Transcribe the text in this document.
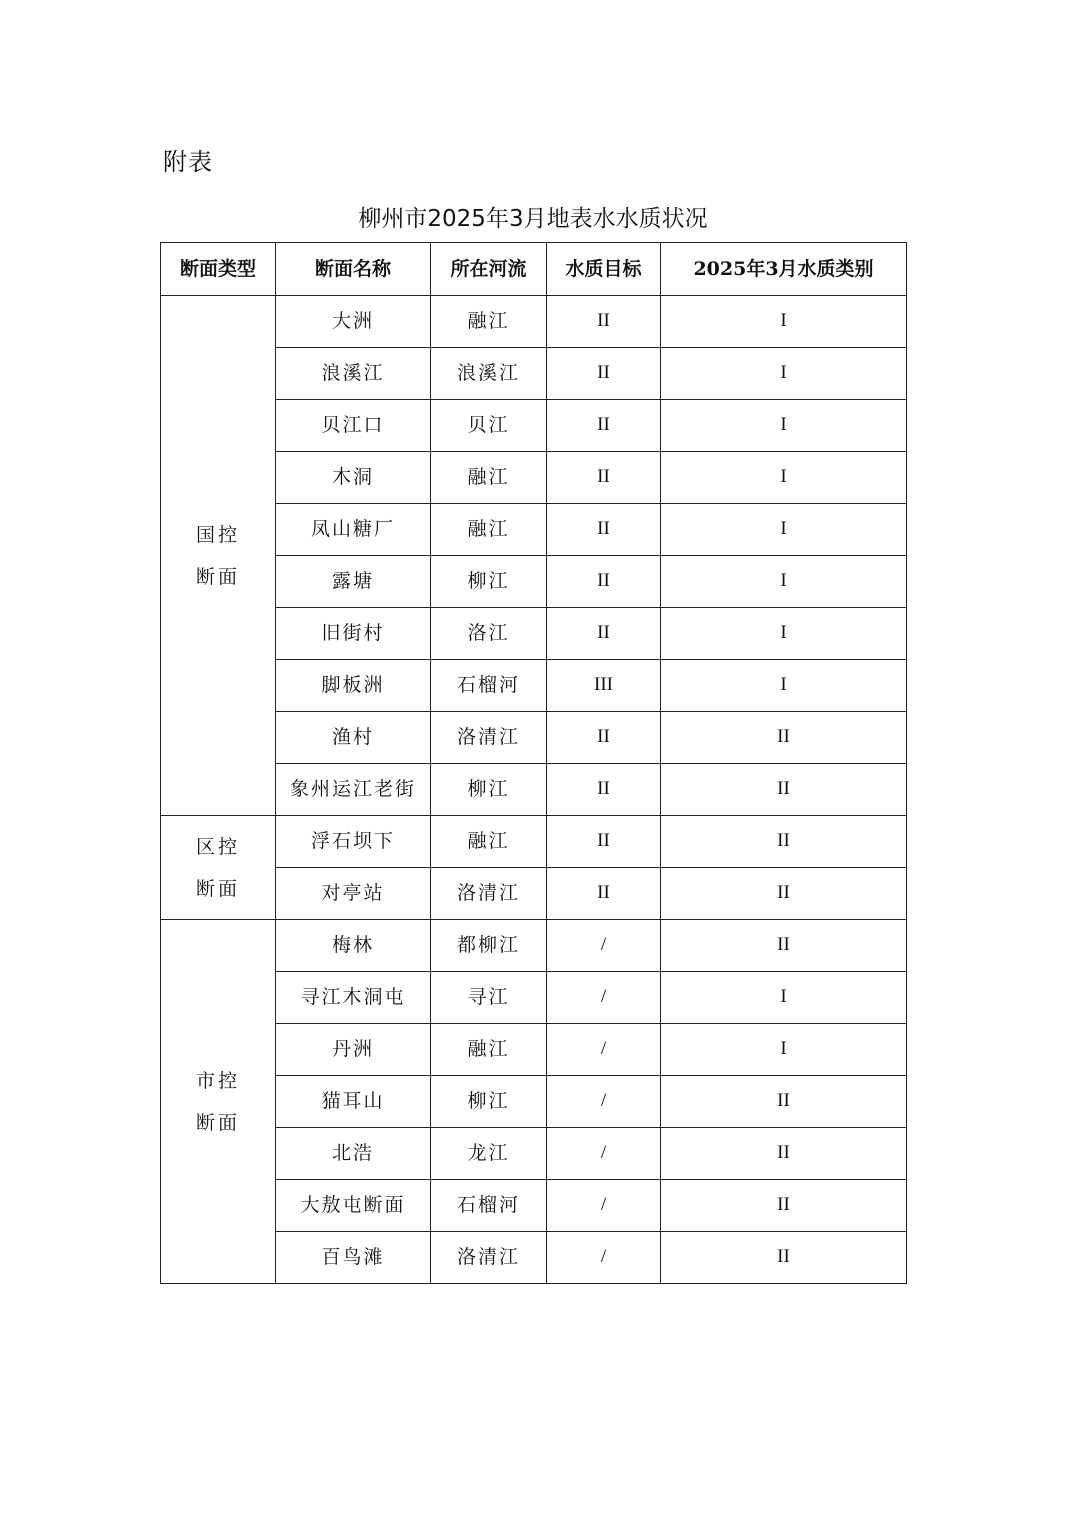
附表
柳州市2025年3月地表水水质状况
断面类型	断面名称	所在河流	水质目标	2025年3月水质类别

国控
断面	大洲	融江	II	I
	浪溪江	浪溪江	II	I
	贝江口	贝江	II	I
	木洞	融江	II	I
	凤山糖厂	融江	II	I
	露塘	柳江	II	I
	旧街村	洛江	II	I
	脚板洲	石榴河	III	I
	渔村	洛清江	II	II
	象州运江老街	柳江	II	II

区控
断面	浮石坝下	融江	II	II
	对亭站	洛清江	II	II

市控
断面	梅林	都柳江	/	II
	寻江木洞屯	寻江	/	I
	丹洲	融江	/	I
	猫耳山	柳江	/	II
	北浩	龙江	/	II
	大敖屯断面	石榴河	/	II
	百鸟滩	洛清江	/	II
